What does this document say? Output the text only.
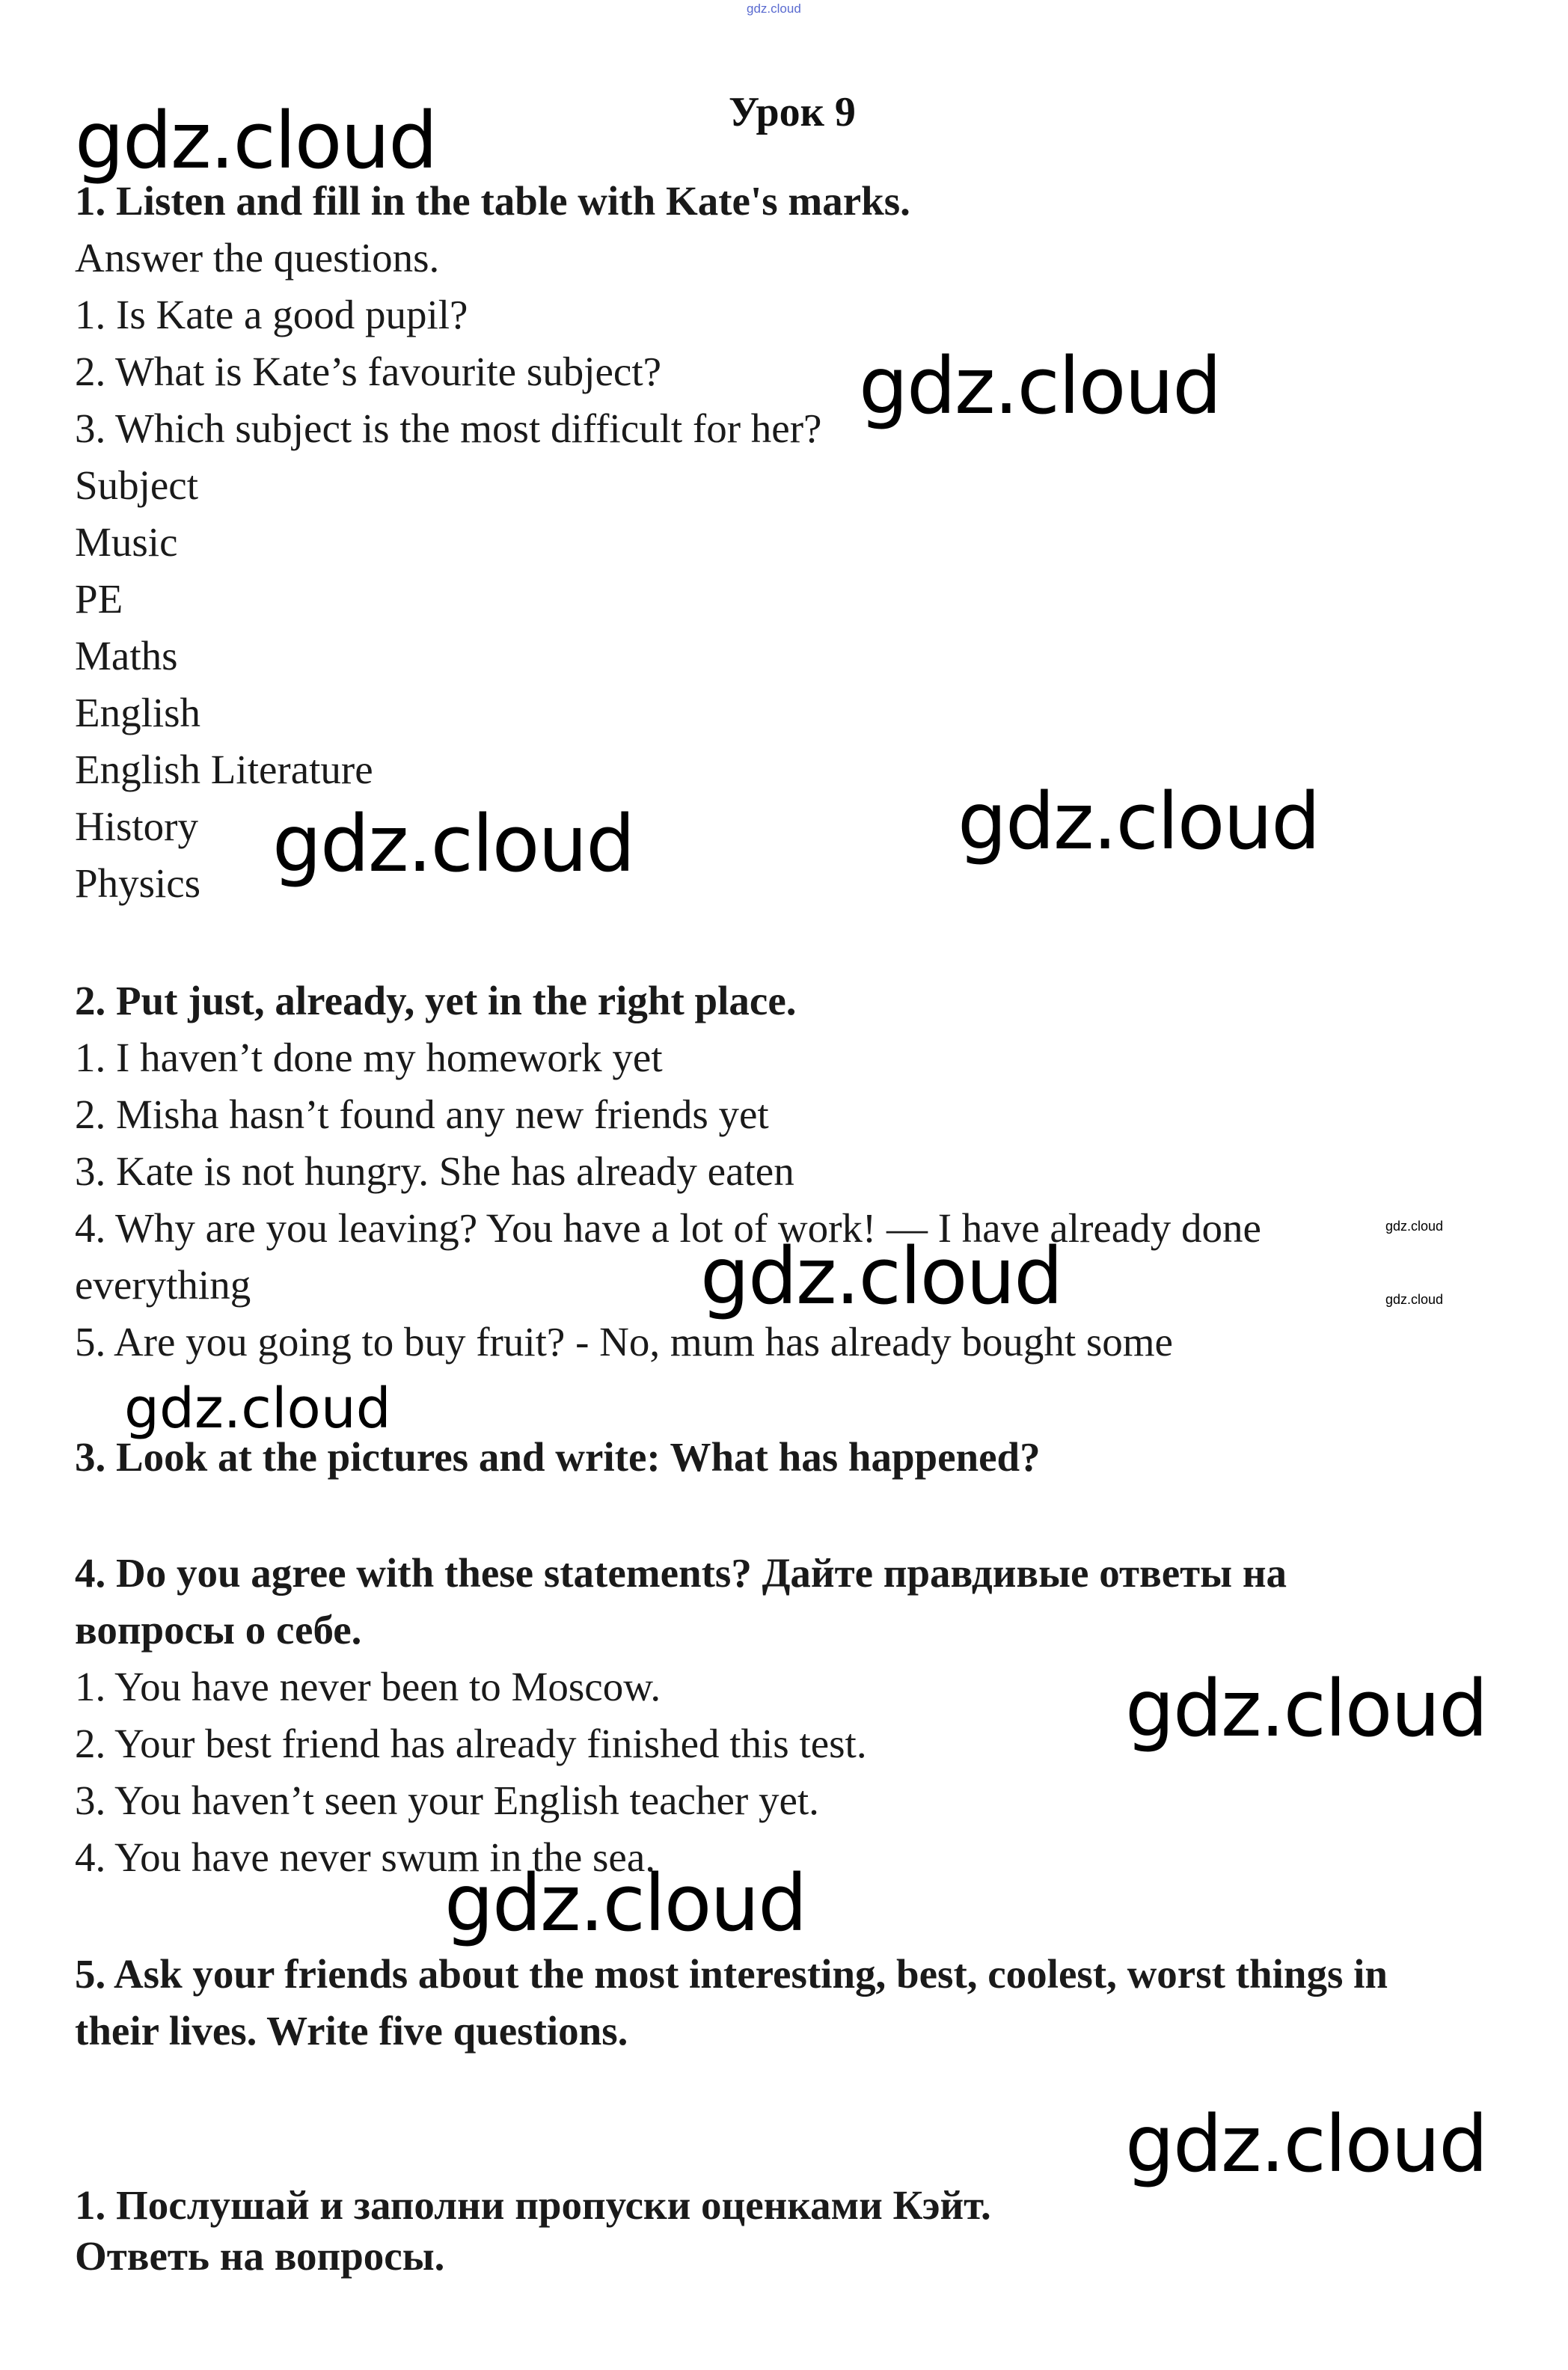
gdz.cloud

Урок 9

1. Listen and fill in the table with Kate's marks.

Answer the questions.

1. Is Kate a good pupil?

2. What is Kate’s favourite subject?

3. Which subject is the most difficult for her?

Subject

Music

PE

Maths

English

English Literature

History

Physics

2. Put just, already, yet in the right place.

1. I haven’t done my homework yet

2. Misha hasn’t found any new friends yet

3. Kate is not hungry. She has already eaten

4. Why are you leaving? You have a lot of work! — I have already done

everything

5. Are you going to buy fruit? - No, mum has already bought some

3. Look at the pictures and write: What has happened?

4. Do you agree with these statements? Дайте правдивые ответы на

вопросы о себе.

1. You have never been to Moscow.

2. Your best friend has already finished this test.

3. You haven’t seen your English teacher yet.

4. You have never swum in the sea.

5. Ask your friends about the most interesting, best, coolest, worst things in

their lives. Write five questions.

1. Послушай и заполни пропуски оценками Кэйт.

Ответь на вопросы.

gdz.cloud
gdz.cloud
gdz.cloud
gdz.cloud
gdz.cloud
gdz.cloud
gdz.cloud
gdz.cloud
gdz.cloud
gdz.cloud
gdz.cloud
